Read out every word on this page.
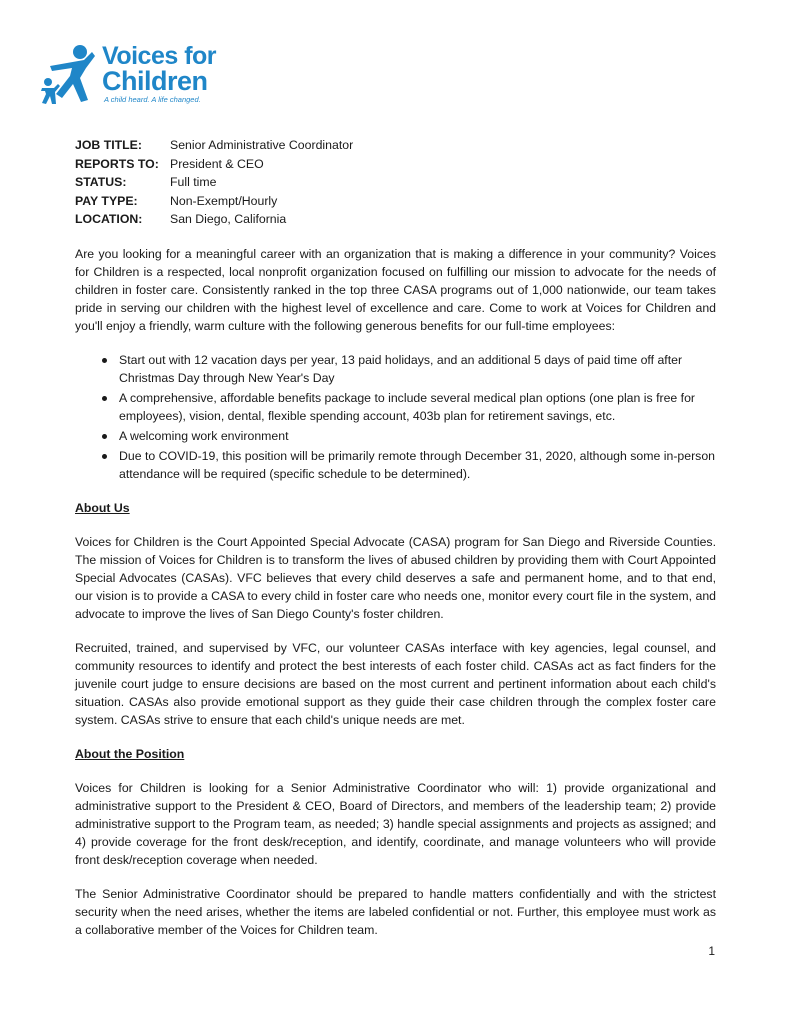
Voices for
Children
A child heard. A life changed.
JOB TITLE:	Senior Administrative Coordinator
REPORTS TO: President & CEO
STATUS:	Full time
PAY TYPE:	Non-Exempt/Hourly
LOCATION:	San Diego, California

Are you looking for a meaningful career with an organization that is making a difference in your community? Voices for Children is a respected, local nonprofit organization focused on fulfilling our mission to advocate for the needs of children in foster care. Consistently ranked in the top three CASA programs out of 1,000 nationwide, our team takes pride in serving our children with the highest level of excellence and care. Come to work at Voices for Children and you'll enjoy a friendly, warm culture with the following generous benefits for our full-time employees:

Start out with 12 vacation days per year, 13 paid holidays, and an additional 5 days of paid time off after Christmas Day through New Year's Day
A comprehensive, affordable benefits package to include several medical plan options (one plan is free for employees), vision, dental, flexible spending account, 403b plan for retirement savings, etc.
A welcoming work environment
Due to COVID-19, this position will be primarily remote through December 31, 2020, although some in-person attendance will be required (specific schedule to be determined).
About Us

Voices for Children is the Court Appointed Special Advocate (CASA) program for San Diego and Riverside Counties. The mission of Voices for Children is to transform the lives of abused children by providing them with Court Appointed Special Advocates (CASAs). VFC believes that every child deserves a safe and permanent home, and to that end, our vision is to provide a CASA to every child in foster care who needs one, monitor every court file in the system, and advocate to improve the lives of San Diego County's foster children.

Recruited, trained, and supervised by VFC, our volunteer CASAs interface with key agencies, legal counsel, and community resources to identify and protect the best interests of each foster child. CASAs act as fact finders for the juvenile court judge to ensure decisions are based on the most current and pertinent information about each child's situation. CASAs also provide emotional support as they guide their case children through the complex foster care system. CASAs strive to ensure that each child's unique needs are met.

About the Position

Voices for Children is looking for a Senior Administrative Coordinator who will: 1) provide organizational and administrative support to the President & CEO, Board of Directors, and members of the leadership team; 2) provide administrative support to the Program team, as needed; 3) handle special assignments and projects as assigned; and 4) provide coverage for the front desk/reception, and identify, coordinate, and manage volunteers who will provide front desk/reception coverage when needed.

The Senior Administrative Coordinator should be prepared to handle matters confidentially and with the strictest security when the need arises, whether the items are labeled confidential or not. Further, this employee must work as a collaborative member of the Voices for Children team.

1
